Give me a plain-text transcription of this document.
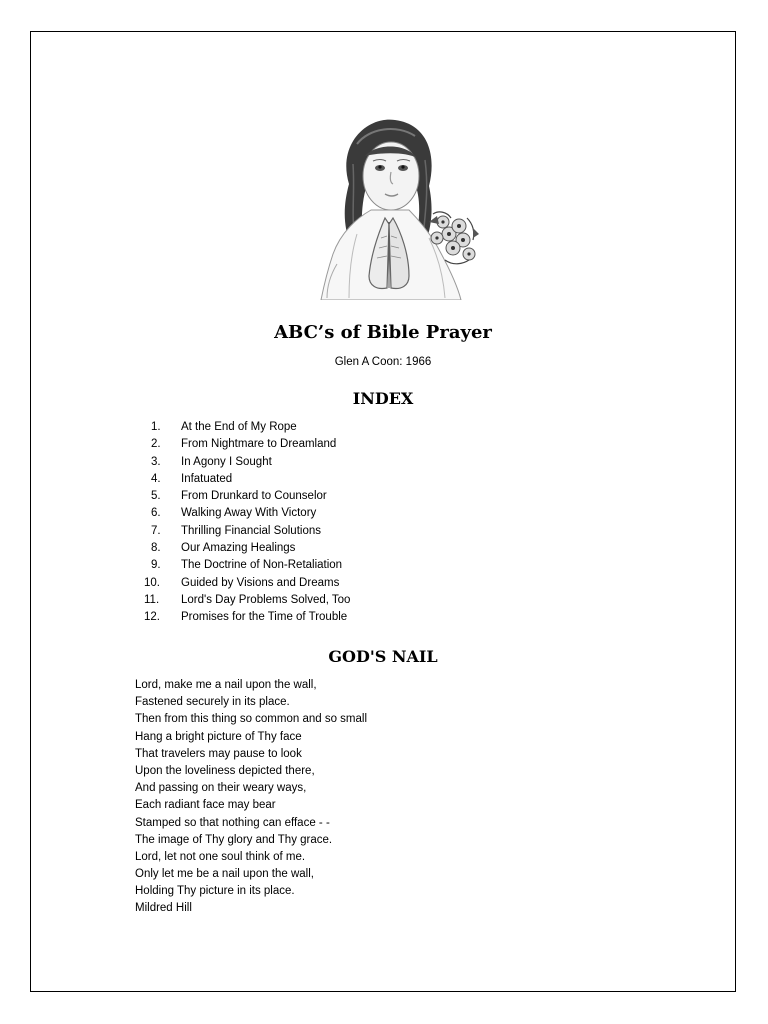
ABC’s of Bible Prayer
Glen A Coon: 1966
INDEX
1. At the End of My Rope
2. From Nightmare to Dreamland
3. In Agony I Sought
4. Infatuated
5. From Drunkard to Counselor
6. Walking Away With Victory
7. Thrilling Financial Solutions
8. Our Amazing Healings
9. The Doctrine of Non-Retaliation
10. Guided by Visions and Dreams
11. Lord's Day Problems Solved, Too
12. Promises for the Time of Trouble
GOD'S NAIL
Lord, make me a nail upon the wall,
Fastened securely in its place.
Then from this thing so common and so small
Hang a bright picture of Thy face
That travelers may pause to look
Upon the loveliness depicted there,
And passing on their weary ways,
Each radiant face may bear
Stamped so that nothing can efface - -
The image of Thy glory and Thy grace.
Lord, let not one soul think of me.
Only let me be a nail upon the wall,
Holding Thy picture in its place.
Mildred Hill
